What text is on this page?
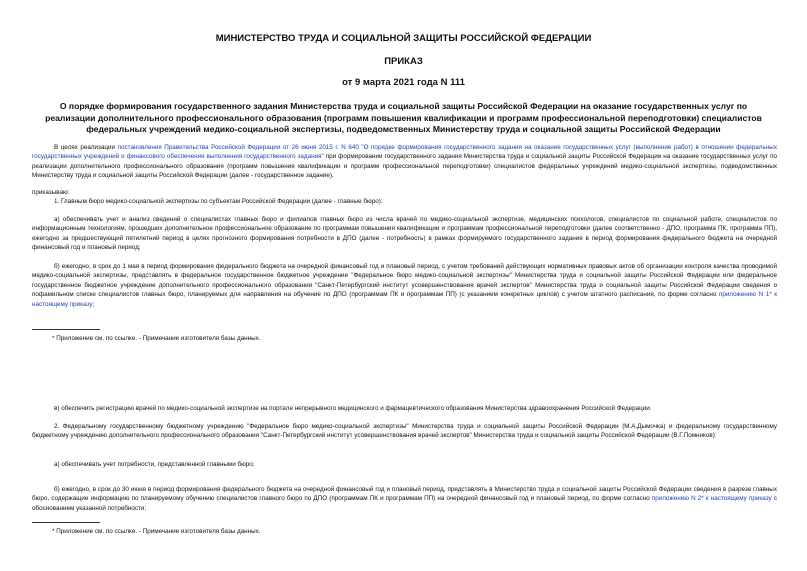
МИНИСТЕРСТВО ТРУДА И СОЦИАЛЬНОЙ ЗАЩИТЫ РОССИЙСКОЙ ФЕДЕРАЦИИ
ПРИКАЗ
от 9 марта 2021 года N 111
О порядке формирования государственного задания Министерства труда и социальной защиты Российской Федерации на оказание государственных услуг по реализации дополнительного профессионального образования (программ повышения квалификации и программ профессиональной переподготовки) специалистов федеральных учреждений медико-социальной экспертизы, подведомственных Министерству труда и социальной защиты Российской Федерации
В целях реализации постановления Правительства Российской Федерации от 26 июня 2015 г. N 640 "О порядке формирования государственного задания на оказание государственных услуг (выполнение работ) в отношении федеральных государственных учреждений и финансового обеспечения выполнения государственного задания" при формировании государственного задания Министерства труда и социальной защиты Российской Федерации на оказание государственных услуг по реализации дополнительного профессионального образования (программ повышения квалификации и программ профессиональной переподготовки) специалистов федеральных учреждений медико-социальной экспертизы, подведомственных Министерству труда и социальной защиты Российской Федерации (далее - государственное задание),
приказываю:
1. Главным бюро медико-социальной экспертизы по субъектам Российской Федерации (далее - главные бюро):
а) обеспечивать учет и анализ сведений о специалистах главных бюро и филиалов главных бюро из числа врачей по медико-социальной экспертизе, медицинских психологов, специалистов по социальной работе, специалистов по информационным технологиям, прошедших дополнительное профессиональное образование по программам повышения квалификации и программам профессиональной переподготовки (далее соответственно - ДПО, программа ПК, программа ПП), ежегодно за предшествующий пятилетний период в целях прогнозного формирования потребности в ДПО (далее - потребность) в рамках формируемого государственного задания в период формирования федерального бюджета на очередной финансовый год и плановый период;
б) ежегодно, в срок до 1 мая в период формирования федерального бюджета на очередной финансовый год и плановый период, с учетом требований действующих нормативных правовых актов об организации контроля качества проводимой медико-социальной экспертизы, представлять в федеральное государственное бюджетное учреждение "Федеральное бюро медико-социальной экспертизы" Министерства труда и социальной защиты Российской Федерации или федеральное государственное бюджетное учреждение дополнительного профессионального образования "Санкт-Петербургский институт усовершенствования врачей экспертов" Министерства труда и социальной защиты Российской Федерации сведения о пофамильном списке специалистов главных бюро, планируемых для направления на обучение по ДПО (программам ПК и программам ПП) (с указанием конкретных циклов) с учетом штатного расписания, по форме согласно приложению N 1* к настоящему приказу;
* Приложение см. по ссылке. - Примечание изготовителя базы данных.
в) обеспечить регистрацию врачей по медико-социальной экспертизе на портале непрерывного медицинского и фармацевтического образования Министерства здравоохранения Российской Федерации.
2. Федеральному государственному бюджетному учреждению "Федеральное бюро медико-социальной экспертизы" Министерства труда и социальной защиты Российской Федерации (М.А.Дымочка) и федеральному государственному бюджетному учреждению дополнительного профессионального образования "Санкт-Петербургский институт усовершенствования врачей экспертов" Министерства труда и социальной защиты Российской Федерации (В.Г.Помников):
а) обеспечивать учет потребности, представленной главными бюро;
б) ежегодно, в срок до 30 июня в период формирования федерального бюджета на очередной финансовый год и плановый период, представлять в Министерство труда и социальной защиты Российской Федерации сведения в разрезе главных бюро, содержащие информацию по планируемому обучению специалистов главного бюро по ДПО (программам ПК и программам ПП) на очередной финансовый год и плановый период, по форме согласно приложению N 2* к настоящему приказу с обоснованием указанной потребности;
* Приложение см. по ссылке. - Примечание изготовителя базы данных.
